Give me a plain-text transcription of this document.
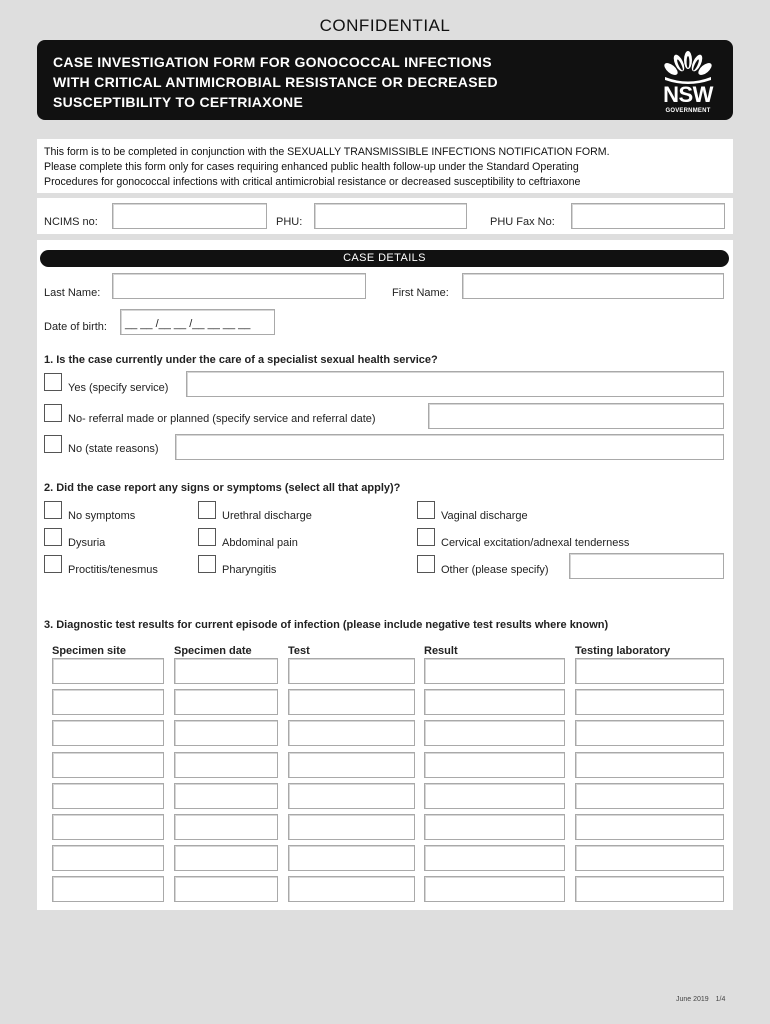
CONFIDENTIAL
CASE INVESTIGATION FORM FOR GONOCOCCAL INFECTIONS
WITH CRITICAL ANTIMICROBIAL RESISTANCE OR DECREASED
SUSCEPTIBILITY TO CEFTRIAXONE	NSW
GOVERNMENT
This form is to be completed in conjunction with the SEXUALLY TRANSMISSIBLE INFECTIONS NOTIFICATION FORM.
Please complete this form only for cases requiring enhanced public health follow-up under the Standard Operating
Procedures for gonococcal infections with critical antimicrobial resistance or decreased susceptibility to ceftriaxone
NCIMS no:	PHU:	PHU Fax No:
CASE DETAILS
Last Name:	First Name:
Date of birth: __ __ /__ __ /__ __ __ __
1. Is the case currently under the care of a specialist sexual health service?
Yes (specify service)
No- referral made or planned (specify service and referral date)
No (state reasons)
2. Did the case report any signs or symptoms (select all that apply)?
No symptoms	Urethral discharge	Vaginal discharge
Dysuria	Abdominal pain	Cervical excitation/adnexal tenderness
Proctitis/tenesmus	Pharyngitis	Other (please specify)
3. Diagnostic test results for current episode of infection (please include negative test results where known)
Specimen site	Specimen date	Test	Result	Testing laboratory
June 2019 1/4
